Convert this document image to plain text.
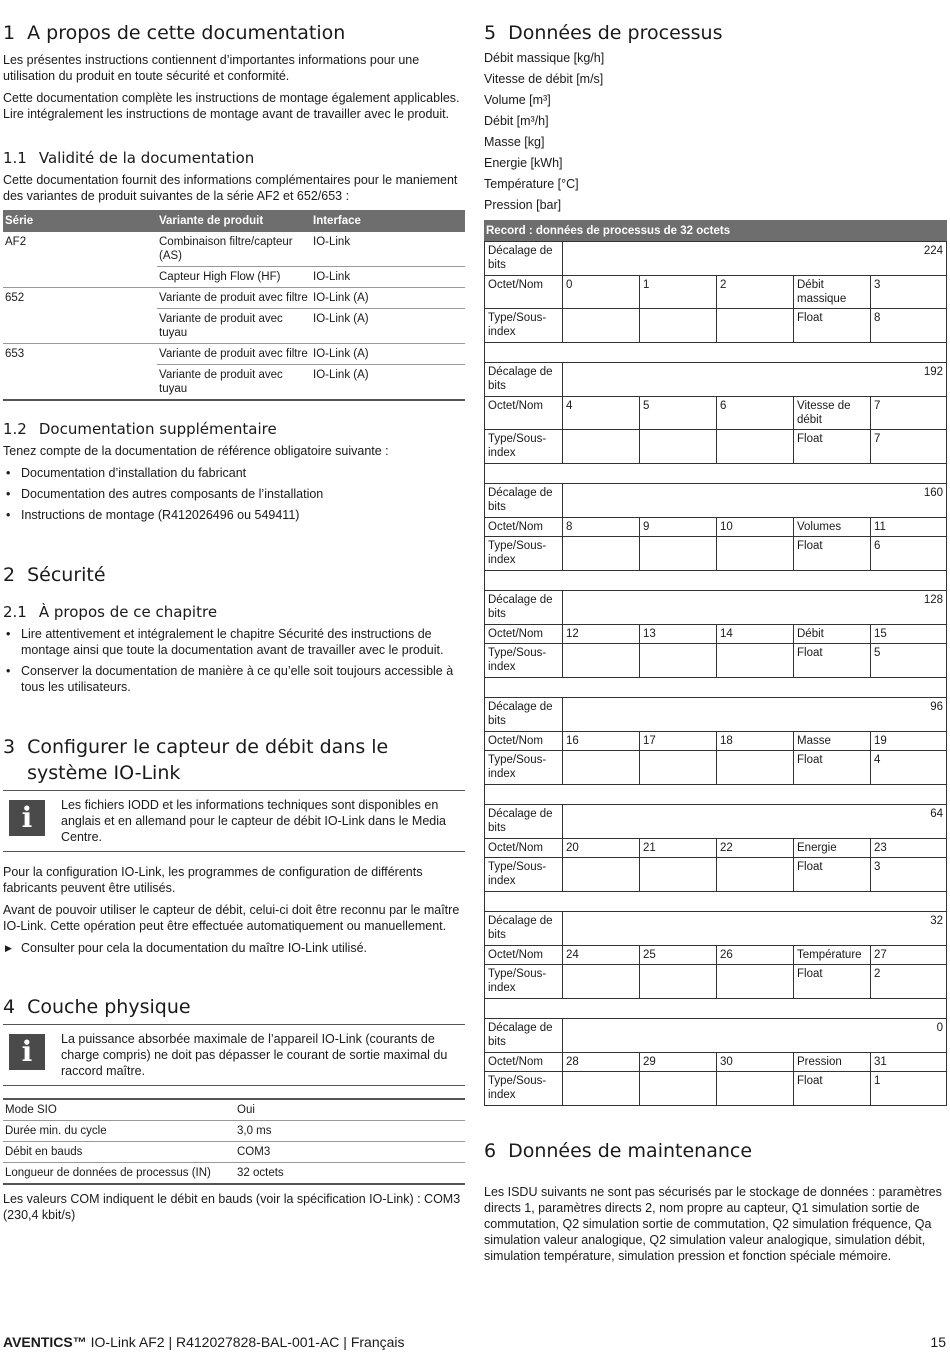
1 A propos de cette documentation

Les présentes instructions contiennent d’importantes informations pour une utilisation du produit en toute sécurité et conformité.

Cette documentation complète les instructions de montage également applicables. Lire intégralement les instructions de montage avant de travailler avec le produit.

1.1 Validité de la documentation

Cette documentation fournit des informations complémentaires pour le maniement des variantes de produit suivantes de la série AF2 et 652/653 :

Série	Variante de produit	Interface
AF2	Combinaison filtre/capteur (AS)	IO-Link
	Capteur High Flow (HF)	IO-Link
652	Variante de produit avec filtre	IO-Link (A)
	Variante de produit avec tuyau	IO-Link (A)
653	Variante de produit avec filtre	IO-Link (A)
	Variante de produit avec tuyau	IO-Link (A)
1.2 Documentation supplémentaire

Tenez compte de la documentation de référence obligatoire suivante :

• Documentation d’installation du fabricant
• Documentation des autres composants de l’installation
• Instructions de montage (R412026496 ou 549411)
2 Sécurité
2.1 À propos de ce chapitre
• Lire attentivement et intégralement le chapitre Sécurité des instructions de montage ainsi que toute la documentation avant de travailler avec le produit.
• Conserver la documentation de manière à ce qu’elle soit toujours accessible à tous les utilisateurs.
3 Configurer le capteur de débit dans le système IO-Link
i	Les fichiers IODD et les informations techniques sont disponibles en anglais et en allemand pour le capteur de débit IO-Link dans le Media Centre.

Pour la configuration IO-Link, les programmes de configuration de différents fabricants peuvent être utilisés.

Avant de pouvoir utiliser le capteur de débit, celui-ci doit être reconnu par le maître IO-Link. Cette opération peut être effectuée automatiquement ou manuellement.

▶ Consulter pour cela la documentation du maître IO-Link utilisé.
4 Couche physique
i	La puissance absorbée maximale de l’appareil IO-Link (courants de charge compris) ne doit pas dépasser le courant de sortie maximal du raccord maître.
Mode SIO	Oui
Durée min. du cycle	3,0 ms
Débit en bauds	COM3
Longueur de données de processus (IN)	32 octets

Les valeurs COM indiquent le débit en bauds (voir la spécification IO-Link) : COM3 (230,4 kbit/s)

5 Données de processus
Débit massique [kg/h]
Vitesse de débit [m/s]
Volume [m³]
Débit [m³/h]
Masse [kg]
Energie [kWh]
Température [°C]
Pression [bar]
Record : données de processus de 32 octets
Décalage de bits	224				
Octet/Nom	0	1	2	Débit massique	3
Type/Sous-index				Float	8

Décalage de bits	192				
Octet/Nom	4	5	6	Vitesse de débit	7
Type/Sous-index				Float	7

Décalage de bits	160				
Octet/Nom	8	9	10	Volumes	11
Type/Sous-index				Float	6

Décalage de bits	128				
Octet/Nom	12	13	14	Débit	15
Type/Sous-index				Float	5

Décalage de bits	96				
Octet/Nom	16	17	18	Masse	19
Type/Sous-index				Float	4

Décalage de bits	64				
Octet/Nom	20	21	22	Energie	23
Type/Sous-index				Float	3

Décalage de bits	32				
Octet/Nom	24	25	26	Température	27
Type/Sous-index				Float	2

Décalage de bits	0				
Octet/Nom	28	29	30	Pression	31
Type/Sous-index				Float	1
6 Données de maintenance

Les ISDU suivants ne sont pas sécurisés par le stockage de données : paramètres directs 1, paramètres directs 2, nom propre au capteur, Q1 simulation sortie de commutation, Q2 simulation sortie de commutation, Q2 simulation fréquence, Qa simulation valeur analogique, Q2 simulation valeur analogique, simulation débit, simulation température, simulation pression et fonction spéciale mémoire.

AVENTICS™ IO-Link AF2 | R412027828-BAL-001-AC | Français	15
